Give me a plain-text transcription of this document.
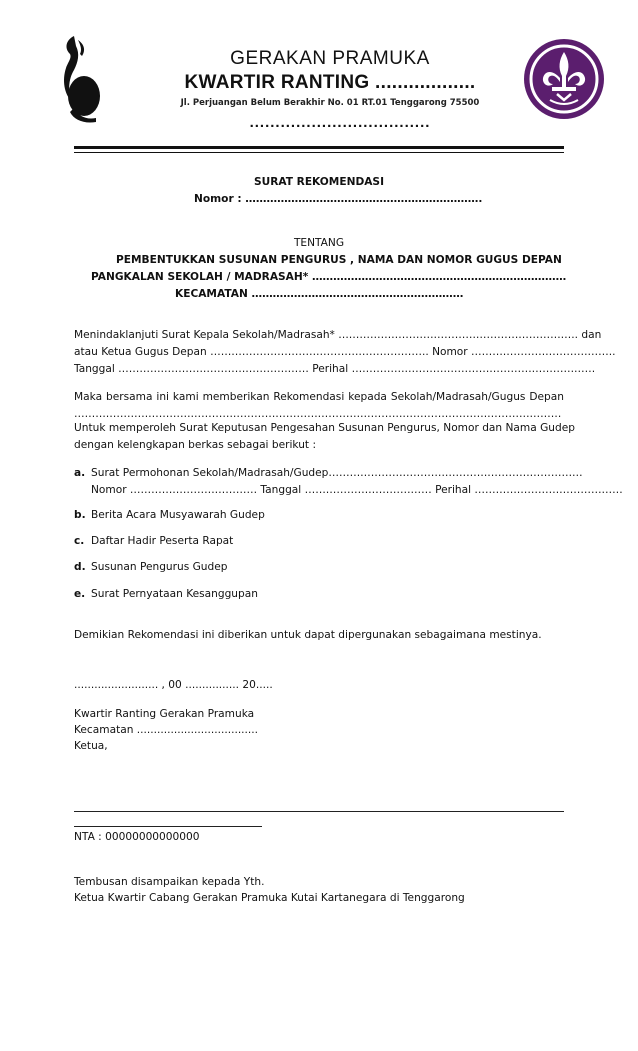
GERAKAN PRAMUKA
KWARTIR RANTING ..................
Jl. Perjuangan Belum Berakhir No. 01 RT.01 Tenggarong 75500
...................................
SURAT REKOMENDASI
Nomor : ………………………………………………………….
TENTANG
PEMBENTUKKAN SUSUNAN PENGURUS , NAMA DAN NOMOR GUGUS DEPAN
PANGKALAN SEKOLAH / MADRASAH* ………………………………………………………………
KECAMATAN ……………………………………………………
Menindaklanjuti Surat Kepala Sekolah/Madrasah* ………………………………………………………….. dan
atau Ketua Gugus Depan …………………………………………………….. Nomor …………………………………..
Tanggal ……………………………………………… Perihal ……………………………………………………………
Maka bersama ini kami memberikan Rekomendasi kepada Sekolah/Madrasah/Gugus Depan
…………………………………………………………………………………………………………………………
Untuk memperoleh Surat Keputusan Pengesahan Susunan Pengurus, Nomor dan Nama Gudep
dengan kelengkapan berkas sebagai berikut :
a. Surat Permohonan Sekolah/Madrasah/Gudep………………………………………………………………
Nomor ……………………………… Tanggal ……………………………… Perihal ……………………………………
b. Berita Acara Musyawarah Gudep
c. Daftar Hadir Peserta Rapat
d. Susunan Pengurus Gudep
e. Surat Pernyataan Kesanggupan
Demikian Rekomendasi ini diberikan untuk dapat dipergunakan sebagaimana mestinya.
......................... , 00 ................ 20.....
Kwartir Ranting Gerakan Pramuka
Kecamatan ....................................
Ketua,
NTA : 00000000000000
Tembusan disampaikan kepada Yth.
Ketua Kwartir Cabang Gerakan Pramuka Kutai Kartanegara di Tenggarong
